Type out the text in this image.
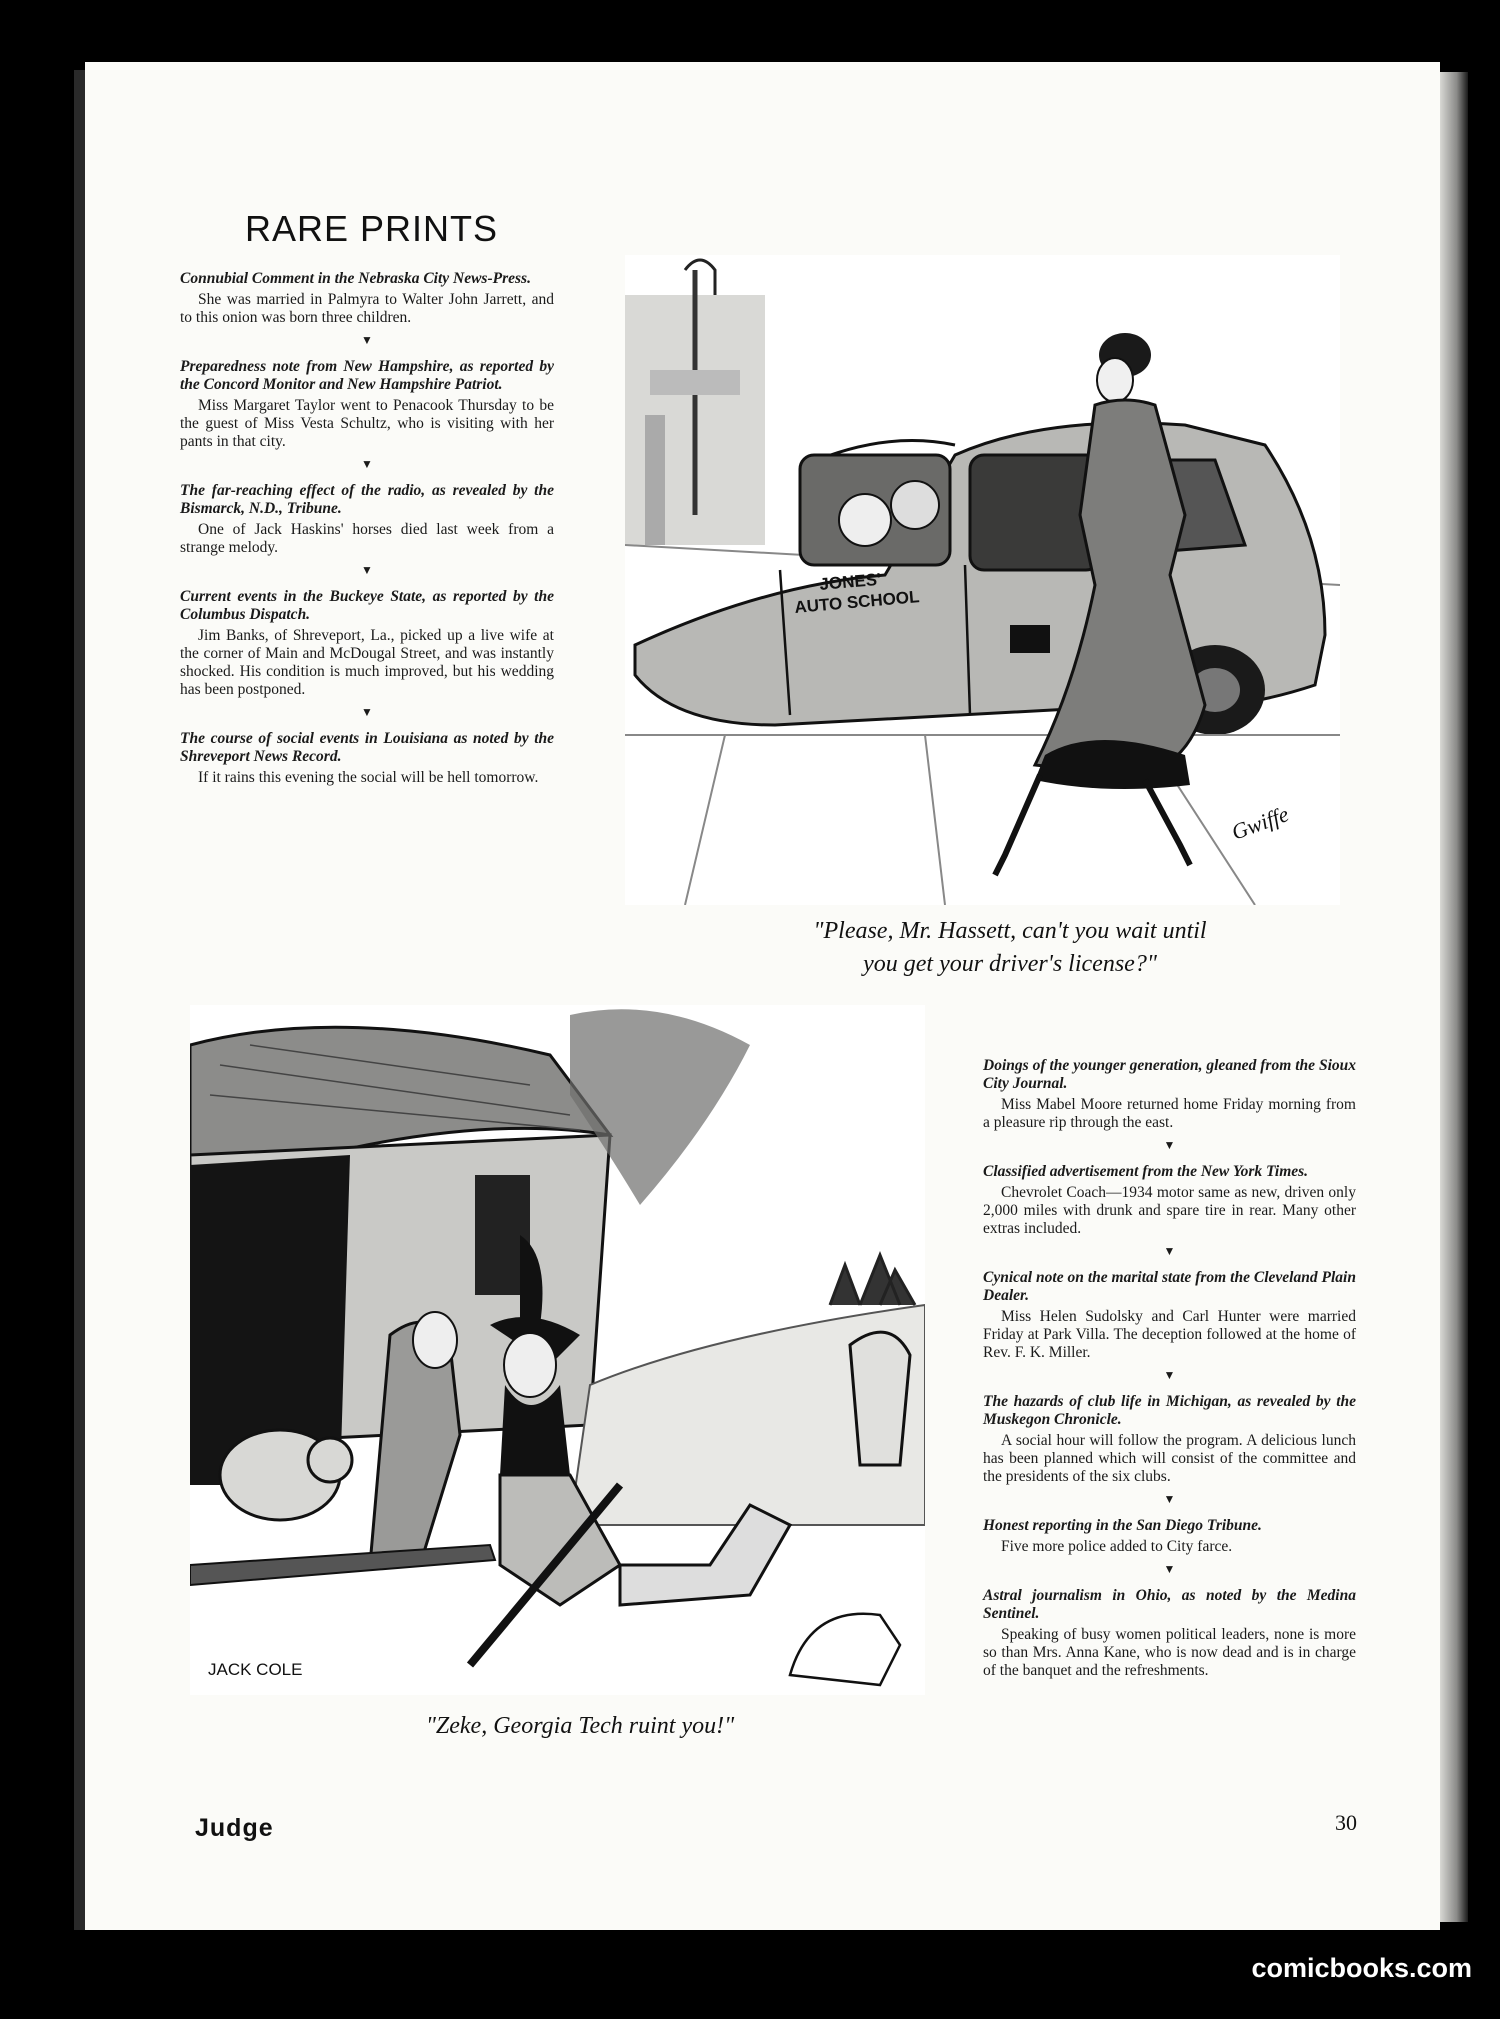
RARE PRINTS

Connubial Comment in the Nebraska City News-Press.

She was married in Palmyra to Walter John Jarrett, and to this onion was born three children.

▼

Preparedness note from New Hampshire, as reported by the Concord Monitor and New Hampshire Patriot.

Miss Margaret Taylor went to Penacook Thursday to be the guest of Miss Vesta Schultz, who is visiting with her pants in that city.

▼

The far-reaching effect of the radio, as revealed by the Bismarck, N.D., Tribune.

One of Jack Haskins' horses died last week from a strange melody.

▼

Current events in the Buckeye State, as reported by the Columbus Dispatch.

Jim Banks, of Shreveport, La., picked up a live wife at the corner of Main and McDougal Street, and was instantly shocked. His condition is much improved, but his wedding has been postponed.

▼

The course of social events in Louisiana as noted by the Shreveport News Record.

If it rains this evening the social will be hell tomorrow.

Doings of the younger generation, gleaned from the Sioux City Journal.

Miss Mabel Moore returned home Friday morning from a pleasure rip through the east.

▼

Classified advertisement from the New York Times.

Chevrolet Coach—1934 motor same as new, driven only 2,000 miles with drunk and spare tire in rear. Many other extras included.

▼

Cynical note on the marital state from the Cleveland Plain Dealer.

Miss Helen Sudolsky and Carl Hunter were married Friday at Park Villa. The deception followed at the home of Rev. F. K. Miller.

▼

The hazards of club life in Michigan, as revealed by the Muskegon Chronicle.

A social hour will follow the program. A delicious lunch has been planned which will consist of the committee and the presidents of the six clubs.

▼

Honest reporting in the San Diego Tribune.

Five more police added to City farce.

▼

Astral journalism in Ohio, as noted by the Medina Sentinel.

Speaking of busy women political leaders, none is more so than Mrs. Anna Kane, who is now dead and is in charge of the banquet and the refreshments.

JONES'
AUTO SCHOOL
Gwiffe

"Please, Mr. Hassett, can't you wait until
you get your driver's license?"

JACK COLE

"Zeke, Georgia Tech ruint you!"

Judge	30
comicbooks.com
